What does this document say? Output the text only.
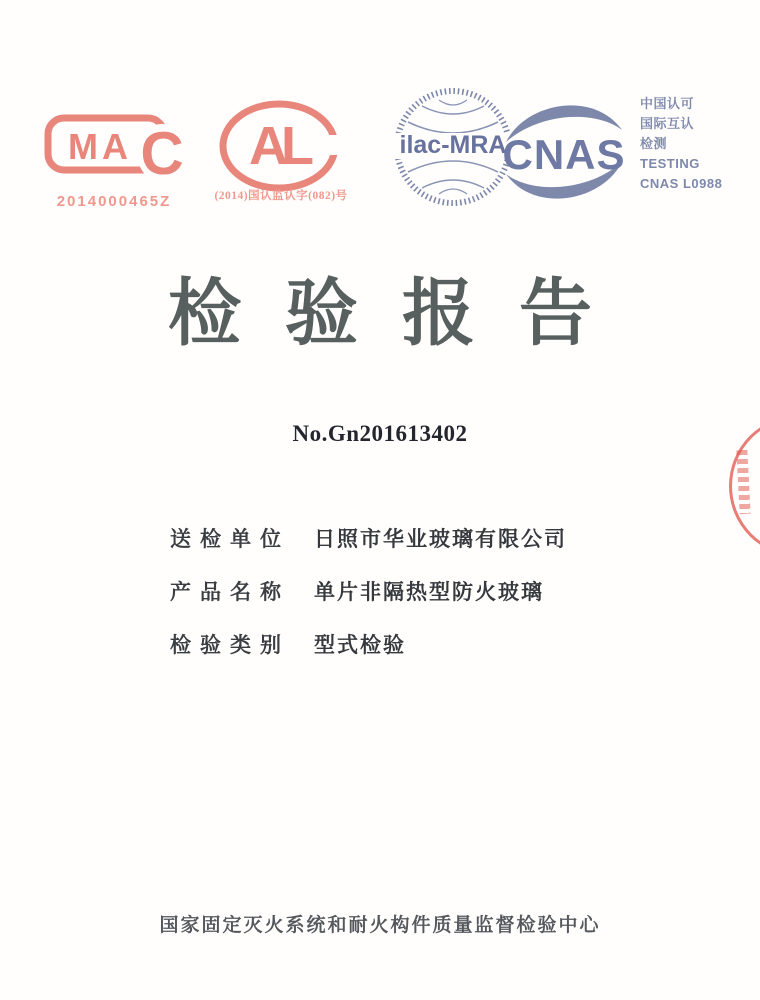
C
MA
2014000465Z
AL
(2014)国认监认字(082)号
ilac-MRA
CNAS
中国认可
国际互认
检测
TESTING
CNAS L0988
检验报告
No.Gn201613402
送检单位	日照市华业玻璃有限公司
产品名称	单片非隔热型防火玻璃
检验类别	型式检验
国家固定灭火系统和耐火构件质量监督检验中心
